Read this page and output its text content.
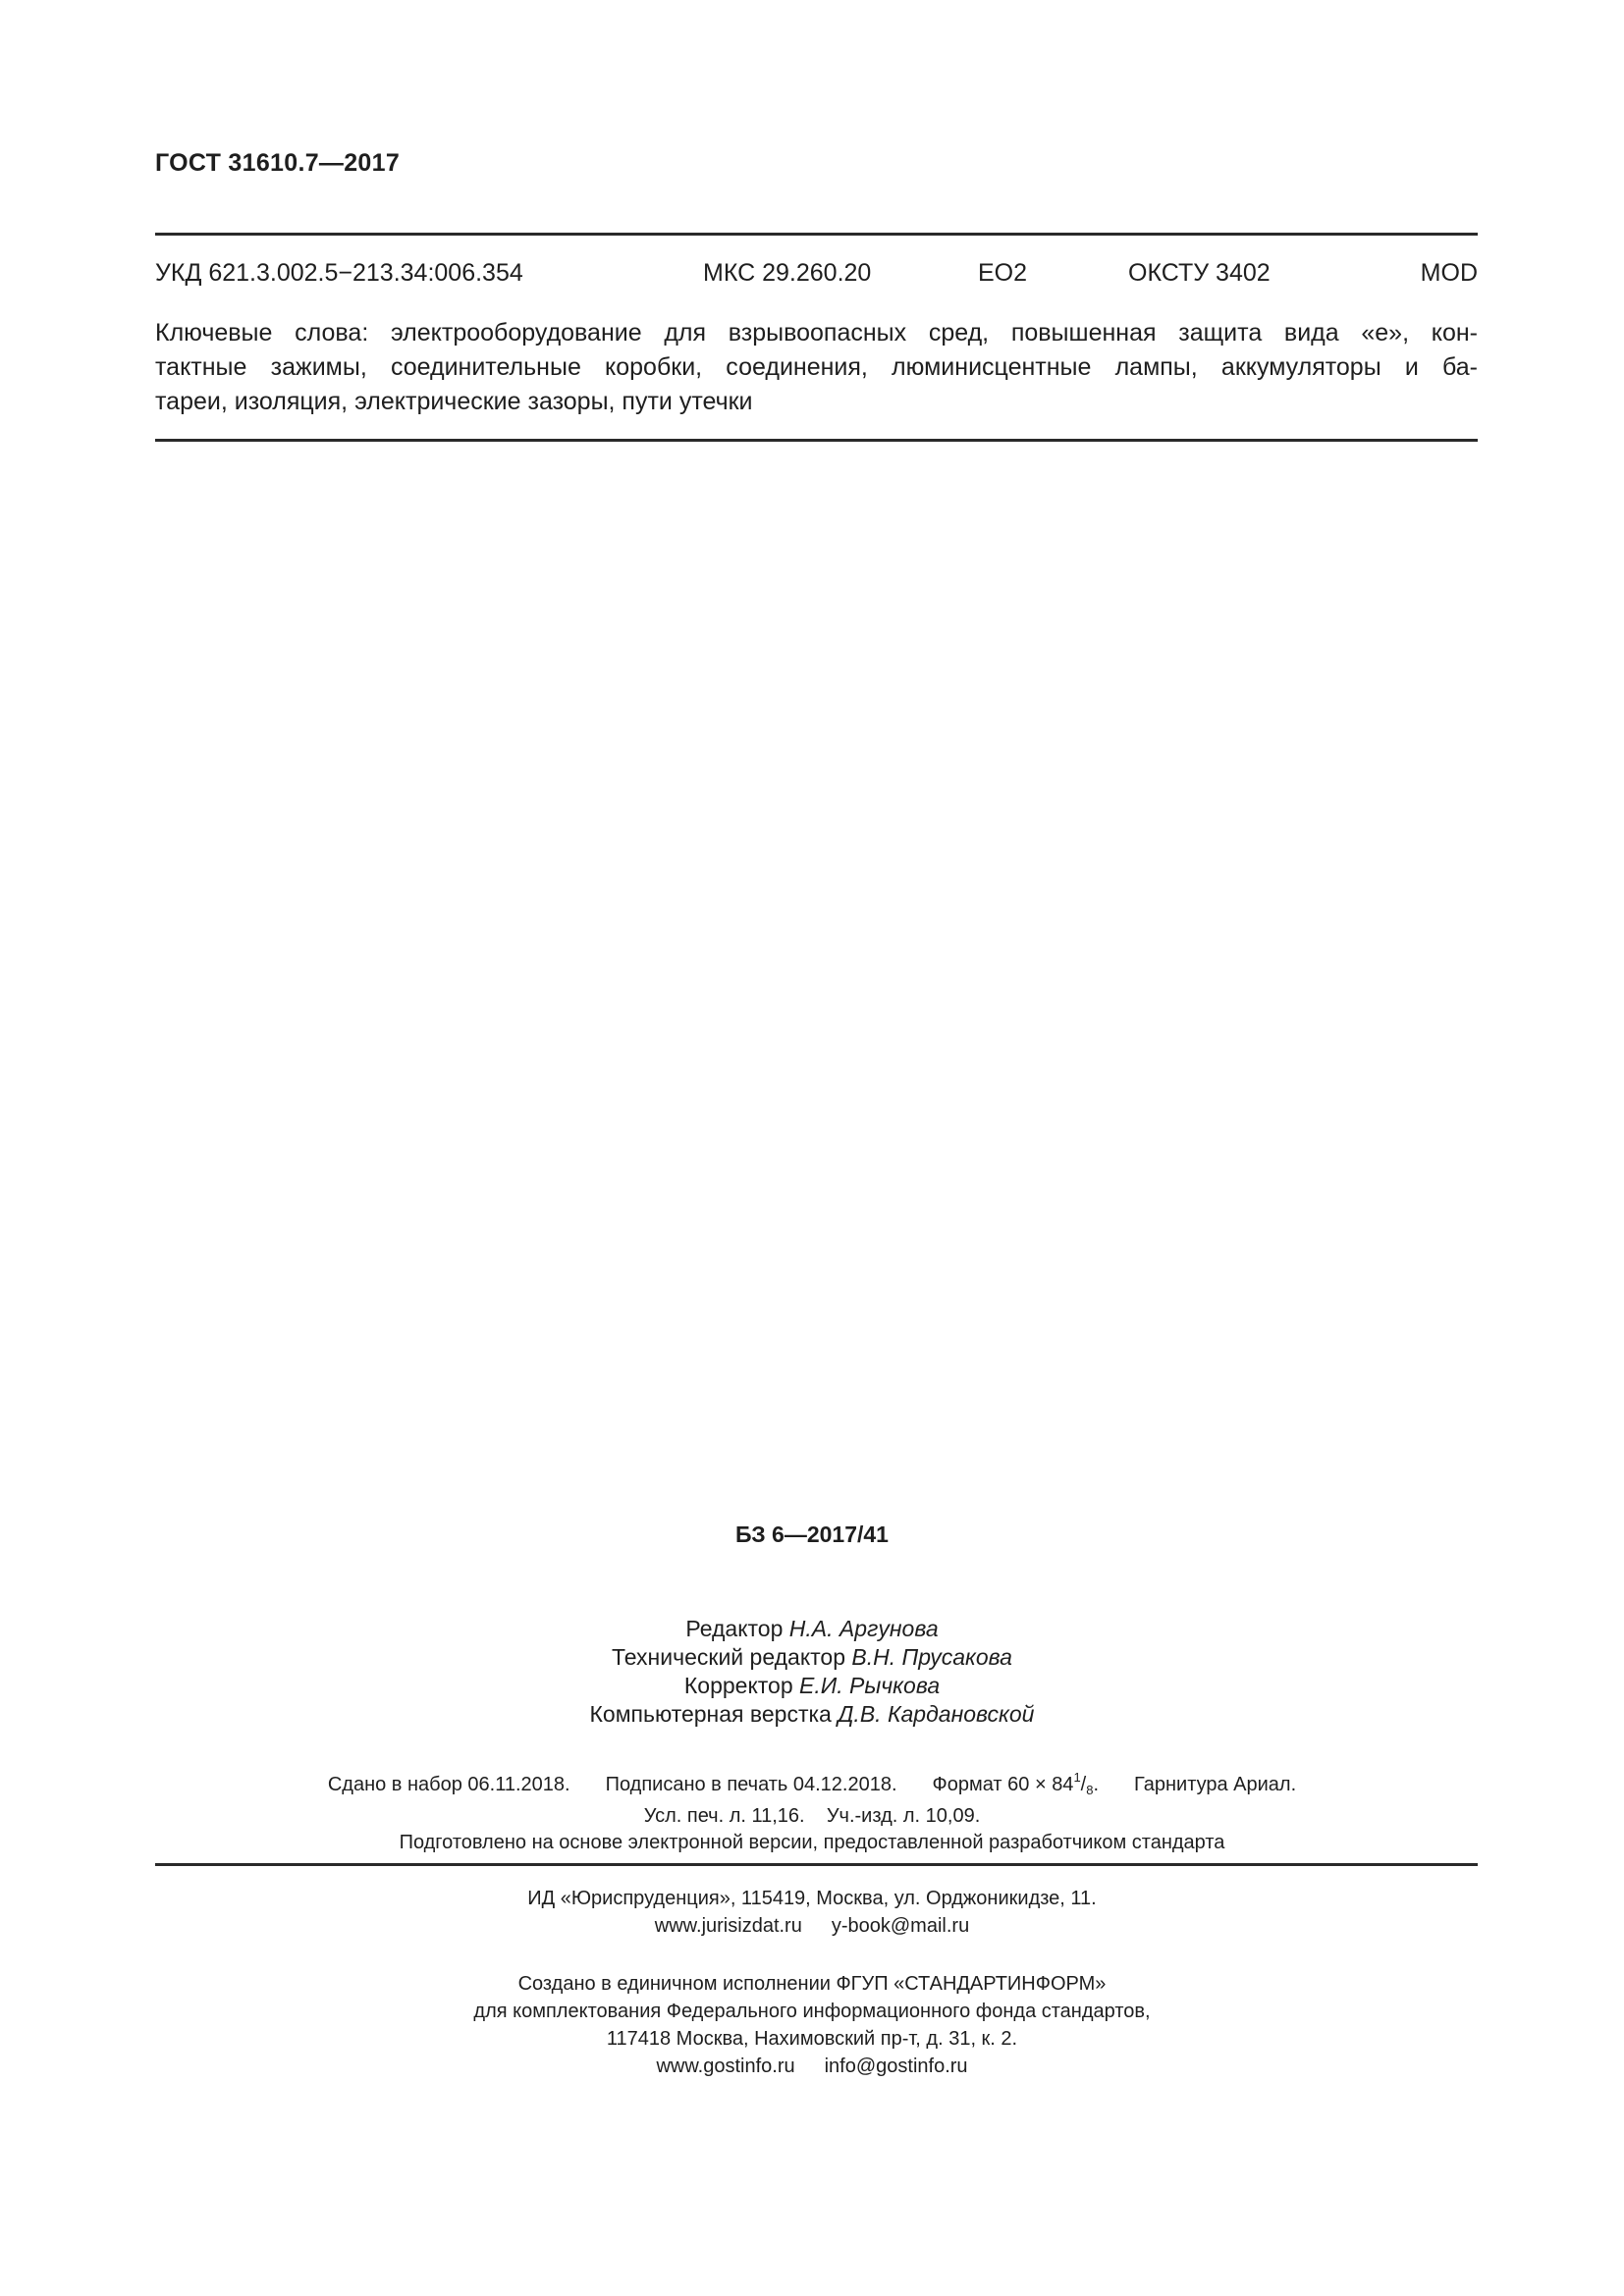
ГОСТ 31610.7—2017
УКД 621.3.002.5−213.34:006.354	МКС 29.260.20	ЕО2	ОКСТУ 3402	MOD
Ключевые слова: электрооборудование для взрывоопасных сред, повышенная защита вида «е», кон-
тактные зажимы, соединительные коробки, соединения, люминисцентные лампы, аккумуляторы и ба-
тареи, изоляция, электрические зазоры, пути утечки
БЗ 6—2017/41
Редактор Н.А. Аргунова
Технический редактор В.Н. Прусакова
Корректор Е.И. Рычкова
Компьютерная верстка Д.В. Кардановской
Сдано в набор 06.11.2018. Подписано в печать 04.12.2018. Формат $60 \times 84^1/_8$. Гарнитура Ариал.
Усл. печ. л. 11,16. Уч.-изд. л. 10,09.
Подготовлено на основе электронной версии, предоставленной разработчиком стандарта
ИД «Юриспруденция», 115419, Москва, ул. Орджоникидзе, 11.
www.jurisizdat.ru y-book@mail.ru
Создано в единичном исполнении ФГУП «СТАНДАРТИНФОРМ»
для комплектования Федерального информационного фонда стандартов,
117418 Москва, Нахимовский пр-т, д. 31, к. 2.
www.gostinfo.ru info@gostinfo.ru
